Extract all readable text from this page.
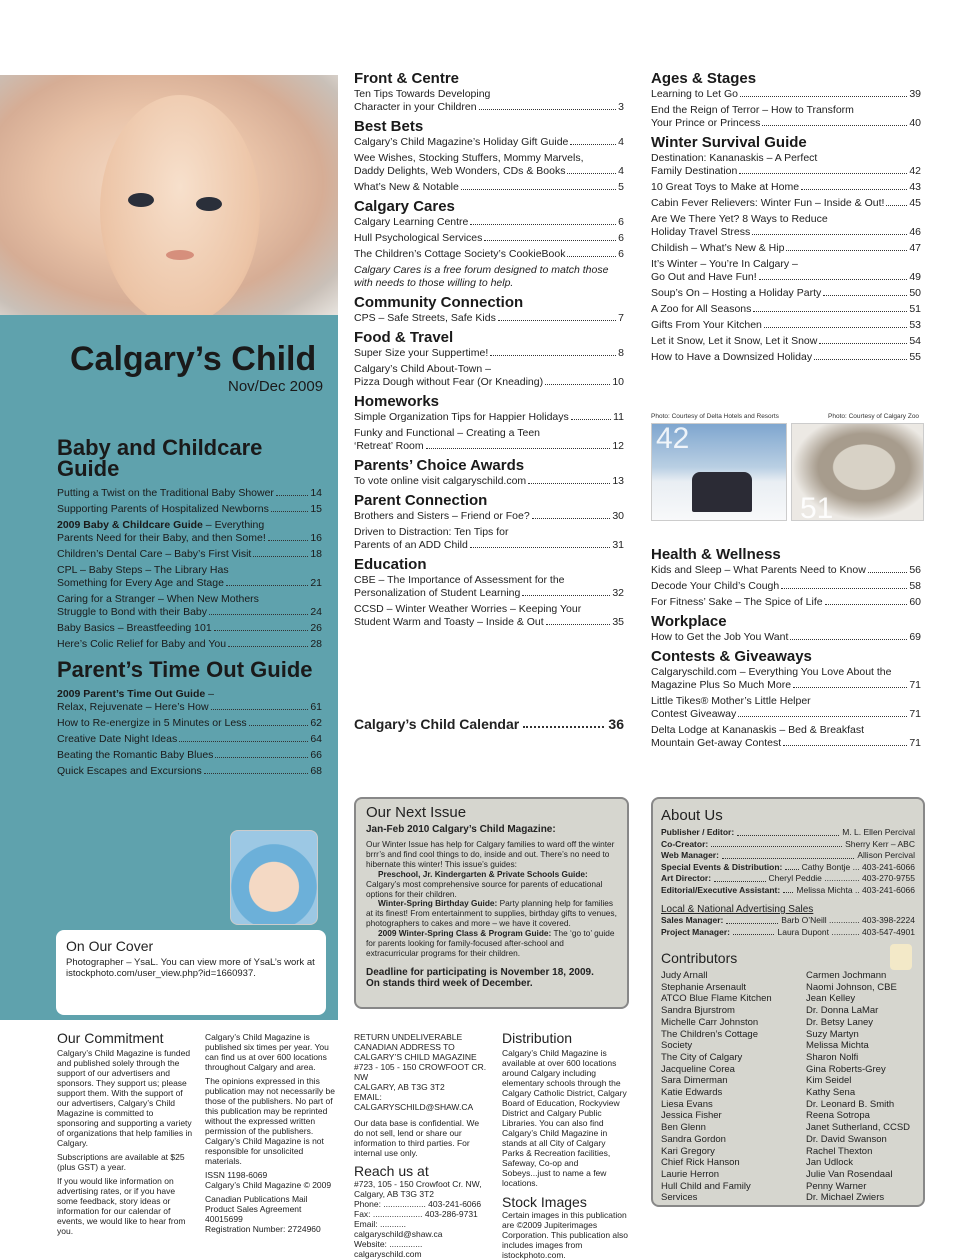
Calgary’s Child
Nov/Dec 2009
Baby and Childcare Guide
Putting a Twist on the Traditional Baby Shower	14
Supporting Parents of Hospitalized Newborns	15
2009 Baby & Childcare Guide – Everything
Parents Need for their Baby, and then Some!	16
Children’s Dental Care – Baby’s First Visit	18
CPL – Baby Steps – The Library Has
Something for Every Age and Stage	21
Caring for a Stranger – When New Mothers
Struggle to Bond with their Baby	24
Baby Basics – Breastfeeding 101	26
Here’s Colic Relief for Baby and You	28
Parent’s Time Out Guide
2009 Parent’s Time Out Guide –
Relax, Rejuvenate – Here’s How	61
How to Re-energize in 5 Minutes or Less	62
Creative Date Night Ideas	64
Beating the Romantic Baby Blues	66
Quick Escapes and Excursions	68
On Our Cover
Photographer – YsaL. You can view more of YsaL’s work at istockphoto.com/user_view.php?id=1660937.
Front & Centre
Ten Tips Towards Developing
Character in your Children	3
Best Bets
Calgary’s Child Magazine’s Holiday Gift Guide	4
Wee Wishes, Stocking Stuffers, Mommy Marvels,
Daddy Delights, Web Wonders, CDs & Books	4
What’s New & Notable	5
Calgary Cares
Calgary Learning Centre	6
Hull Psychological Services	6
The Children’s Cottage Society’s CookieBook	6
Calgary Cares is a free forum designed to match those with needs to those willing to help.
Community Connection
CPS – Safe Streets, Safe Kids	7
Food & Travel
Super Size your Suppertime!	8
Calgary’s Child About-Town –
Pizza Dough without Fear (Or Kneading)	10
Homeworks
Simple Organization Tips for Happier Holidays	11
Funky and Functional – Creating a Teen
‘Retreat’ Room	12
Parents’ Choice Awards
To vote online visit calgaryschild.com	13
Parent Connection
Brothers and Sisters – Friend or Foe?	30
Driven to Distraction: Ten Tips for
Parents of an ADD Child	31
Education
CBE – The Importance of Assessment for the
Personalization of Student Learning	32
CCSD – Winter Weather Worries – Keeping Your
Student Warm and Toasty – Inside & Out	35
Calgary’s Child Calendar	36
Ages & Stages
Learning to Let Go	39
End the Reign of Terror – How to Transform
Your Prince or Princess	40
Winter Survival Guide
Destination: Kananaskis – A Perfect
Family Destination	42
10 Great Toys to Make at Home	43
Cabin Fever Relievers: Winter Fun – Inside & Out! 45
Are We There Yet? 8 Ways to Reduce
Holiday Travel Stress	46
Childish – What’s New & Hip	47
It’s Winter – You’re In Calgary –
Go Out and Have Fun!	49
Soup’s On – Hosting a Holiday Party	50
A Zoo for All Seasons	51
Gifts From Your Kitchen	53
Let it Snow, Let it Snow, Let it Snow	54
How to Have a Downsized Holiday	55
Photo: Courtesy of Delta Hotels and Resorts	Photo: Courtesy of Calgary Zoo
42
51
Health & Wellness
Kids and Sleep – What Parents Need to Know	56
Decode Your Child’s Cough	58
For Fitness’ Sake – The Spice of Life	60
Workplace
How to Get the Job You Want	69
Contests & Giveaways
Calgaryschild.com – Everything You Love About the
Magazine Plus So Much More	71
Little Tikes® Mother’s Little Helper
Contest Giveaway	71
Delta Lodge at Kananaskis – Bed & Breakfast
Mountain Get-away Contest	71
Our Next Issue
Jan-Feb 2010 Calgary’s Child Magazine:
Our Winter Issue has help for Calgary families to ward off the winter brrr’s and find cool things to do, inside and out. There’s no need to hibernate this winter! This issue’s guides:
Preschool, Jr. Kindergarten & Private Schools Guide:
Calgary’s most comprehensive source for parents of educational options for their children.
Winter-Spring Birthday Guide: Party planning help for families at its finest! From entertainment to supplies, birthday gifts to venues, photographers to cakes and more – we have it covered.
2009 Winter-Spring Class & Program Guide: The ‘go to’ guide for parents looking for family-focused after-school and extracurricular programs for their children.
Deadline for participating is November 18, 2009.
On stands third week of December.
About Us
Publisher / Editor:	M. L. Ellen Percival
Co-Creator:	Sherry Kerr – ABC
Web Manager:	Allison Percival
Special Events & Distribution: Cathy Bontje ... 403-241-6066
Art Director:	Cheryl Peddie ............... 403-270-9755
Editorial/Executive Assistant: Melissa Michta .. 403-241-6066
Local & National Advertising Sales
Sales Manager:	Barb O’Neill ............. 403-398-2224
Project Manager:	Laura Dupont ............ 403-547-4901
Contributors
Judy Arnall
Stephanie Arsenault
ATCO Blue Flame Kitchen
Sandra Bjurstrom
Michelle Carr Johnston
The Children’s Cottage
Society
The City of Calgary
Jacqueline Corea
Sara Dimerman
Katie Edwards
Liesa Evans
Jessica Fisher
Ben Glenn
Sandra Gordon
Kari Gregory
Chief Rick Hanson
Laurie Herron
Hull Child and Family
Services
Carmen Jochmann
Naomi Johnson, CBE
Jean Kelley
Dr. Donna LaMar
Dr. Betsy Laney
Suzy Martyn
Melissa Michta
Sharon Nolfi
Gina Roberts-Grey
Kim Seidel
Kathy Sena
Dr. Leonard B. Smith
Reena Sotropa
Janet Sutherland, CCSD
Dr. David Swanson
Rachel Thexton
Jan Udlock
Julie Van Rosendaal
Penny Warner
Dr. Michael Zwiers
Our Commitment
Calgary’s Child Magazine is funded and published solely through the support of our advertisers and sponsors. They support us; please support them. With the support of our advertisers, Calgary’s Child Magazine is committed to sponsoring and supporting a variety of organizations that help families in Calgary.
Subscriptions are available at $25 (plus GST) a year.
If you would like information on advertising rates, or if you have some feedback, story ideas or information for our calendar of events, we would like to hear from you.
Calgary’s Child Magazine is published six times per year. You can find us at over 600 locations throughout Calgary and area.
The opinions expressed in this publication may not necessarily be those of the publishers. No part of this publication may be reprinted without the expressed written permission of the publishers. Calgary’s Child Magazine is not responsible for unsolicited materials.
ISSN 1198-6069
Calgary’s Child Magazine © 2009
Canadian Publications Mail
Product Sales Agreement 40015699
Registration Number: 2724960
RETURN UNDELIVERABLE
CANADIAN ADDRESS TO
CALGARY’S CHILD MAGAZINE
#723 - 105 - 150 CROWFOOT CR. NW
CALGARY, AB T3G 3T2
EMAIL: CALGARYSCHILD@SHAW.CA
Our data base is confidential. We do not sell, lend or share our information to third parties. For internal use only.
Reach us at
#723, 105 - 150 Crowfoot Cr. NW,
Calgary, AB T3G 3T2
Phone: .................. 403-241-6066
Fax: ..................... 403-286-9731
Email: ........... calgaryschild@shaw.ca
Website: .............. calgaryschild.com
Distribution
Calgary’s Child Magazine is available at over 600 locations around Calgary including elementary schools through the Calgary Catholic District, Calgary Board of Education, Rockyview District and Calgary Public Libraries. You can also find Calgary’s Child Magazine in stands at all City of Calgary Parks & Recreation facilities, Safeway, Co-op and Sobeys...just to name a few locations.
Stock Images
Certain images in this publication are ©2009 Jupiterimages Corporation. This publication also includes images from istockphoto.com.
